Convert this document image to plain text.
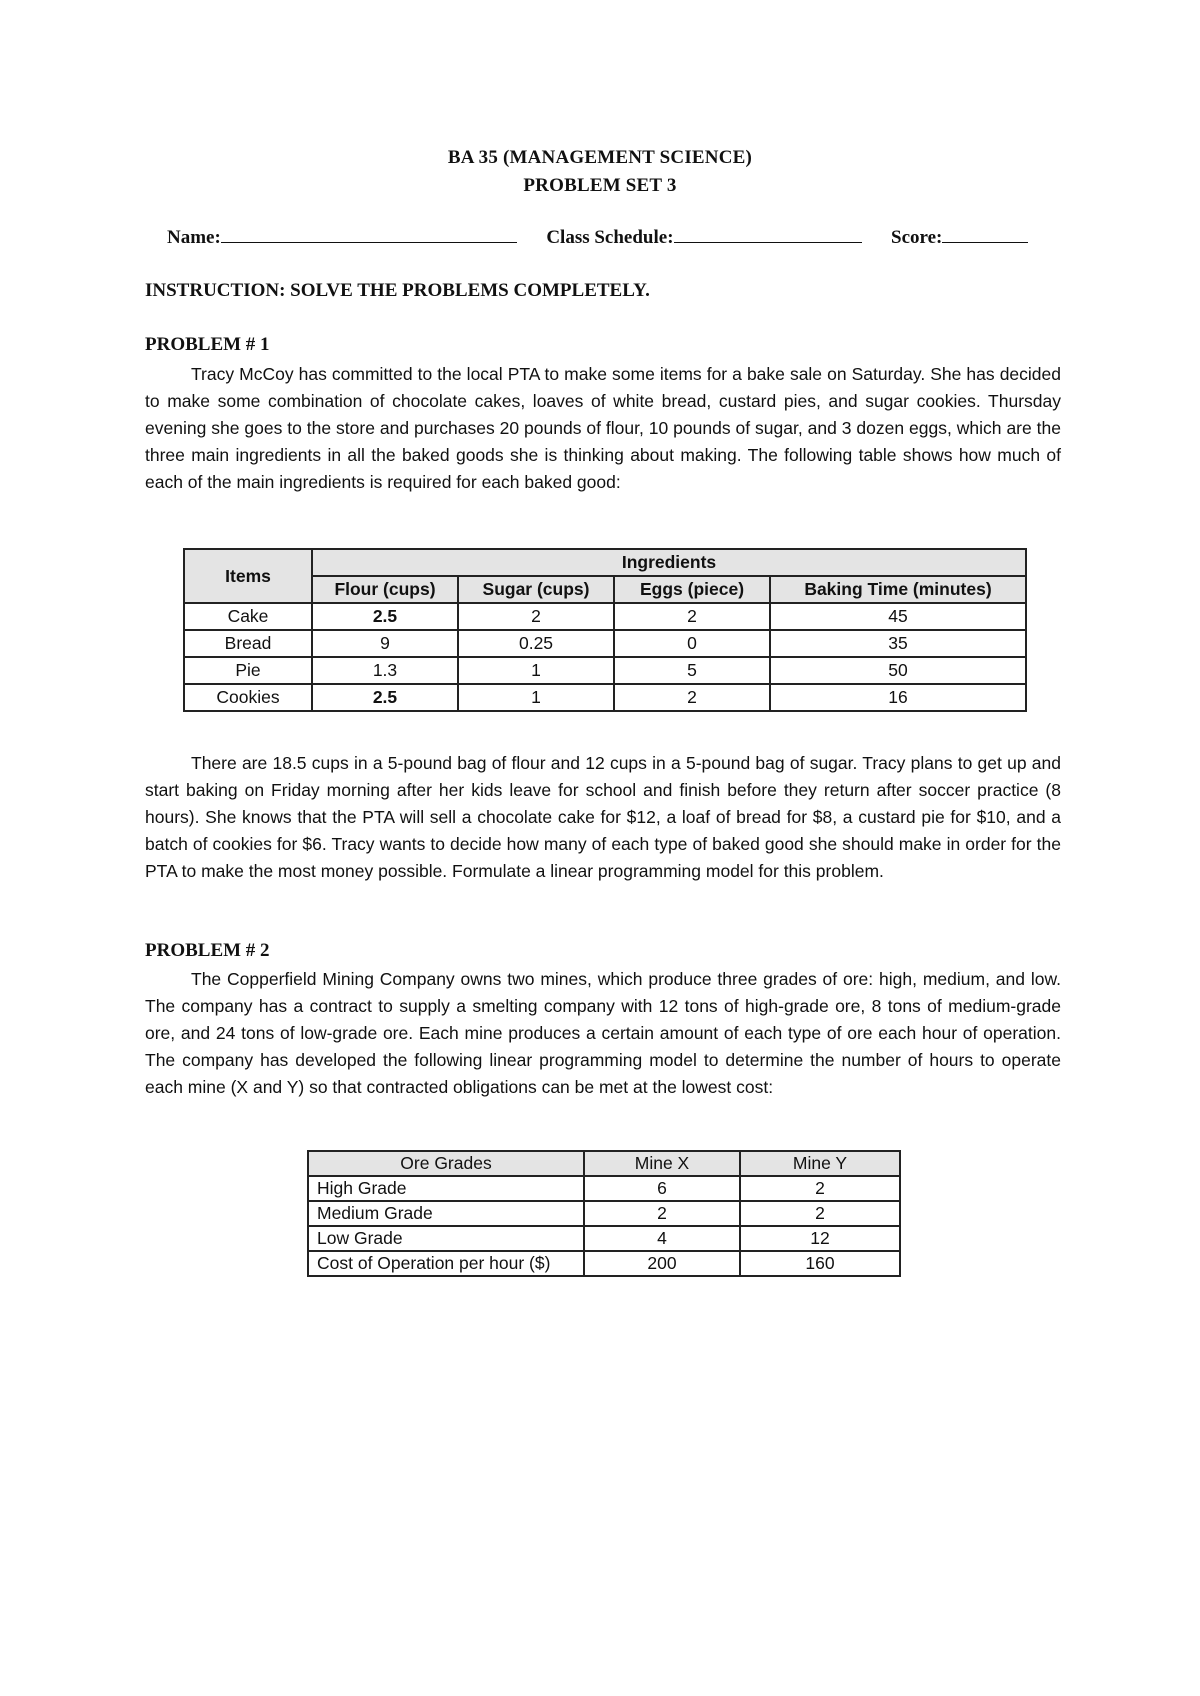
BA 35 (MANAGEMENT SCIENCE)
PROBLEM SET 3
Name:	Class Schedule:	Score:
INSTRUCTION: SOLVE THE PROBLEMS COMPLETELY.
PROBLEM # 1

Tracy McCoy has committed to the local PTA to make some items for a bake sale on Saturday. She has decided to make some combination of chocolate cakes, loaves of white bread, custard pies, and sugar cookies. Thursday evening she goes to the store and purchases 20 pounds of flour, 10 pounds of sugar, and 3 dozen eggs, which are the three main ingredients in all the baked goods she is thinking about making. The following table shows how much of each of the main ingredients is required for each baked good:

Items	Ingredients			
	Flour (cups)	Sugar (cups)	Eggs (piece)	Baking Time (minutes)
Cake	2.5	2	2	45
Bread	9	0.25	0	35
Pie	1.3	1	5	50
Cookies	2.5	1	2	16

There are 18.5 cups in a 5-pound bag of flour and 12 cups in a 5-pound bag of sugar. Tracy plans to get up and start baking on Friday morning after her kids leave for school and finish before they return after soccer practice (8 hours). She knows that the PTA will sell a chocolate cake for $12, a loaf of bread for $8, a custard pie for $10, and a batch of cookies for $6. Tracy wants to decide how many of each type of baked good she should make in order for the PTA to make the most money possible. Formulate a linear programming model for this problem.

PROBLEM # 2

The Copperfield Mining Company owns two mines, which produce three grades of ore: high, medium, and low. The company has a contract to supply a smelting company with 12 tons of high-grade ore, 8 tons of medium-grade ore, and 24 tons of low-grade ore. Each mine produces a certain amount of each type of ore each hour of operation. The company has developed the following linear programming model to determine the number of hours to operate each mine (X and Y) so that contracted obligations can be met at the lowest cost:

Ore Grades	Mine X	Mine Y
High Grade	6	2
Medium Grade	2	2
Low Grade	4	12
Cost of Operation per hour ($)	200	160
